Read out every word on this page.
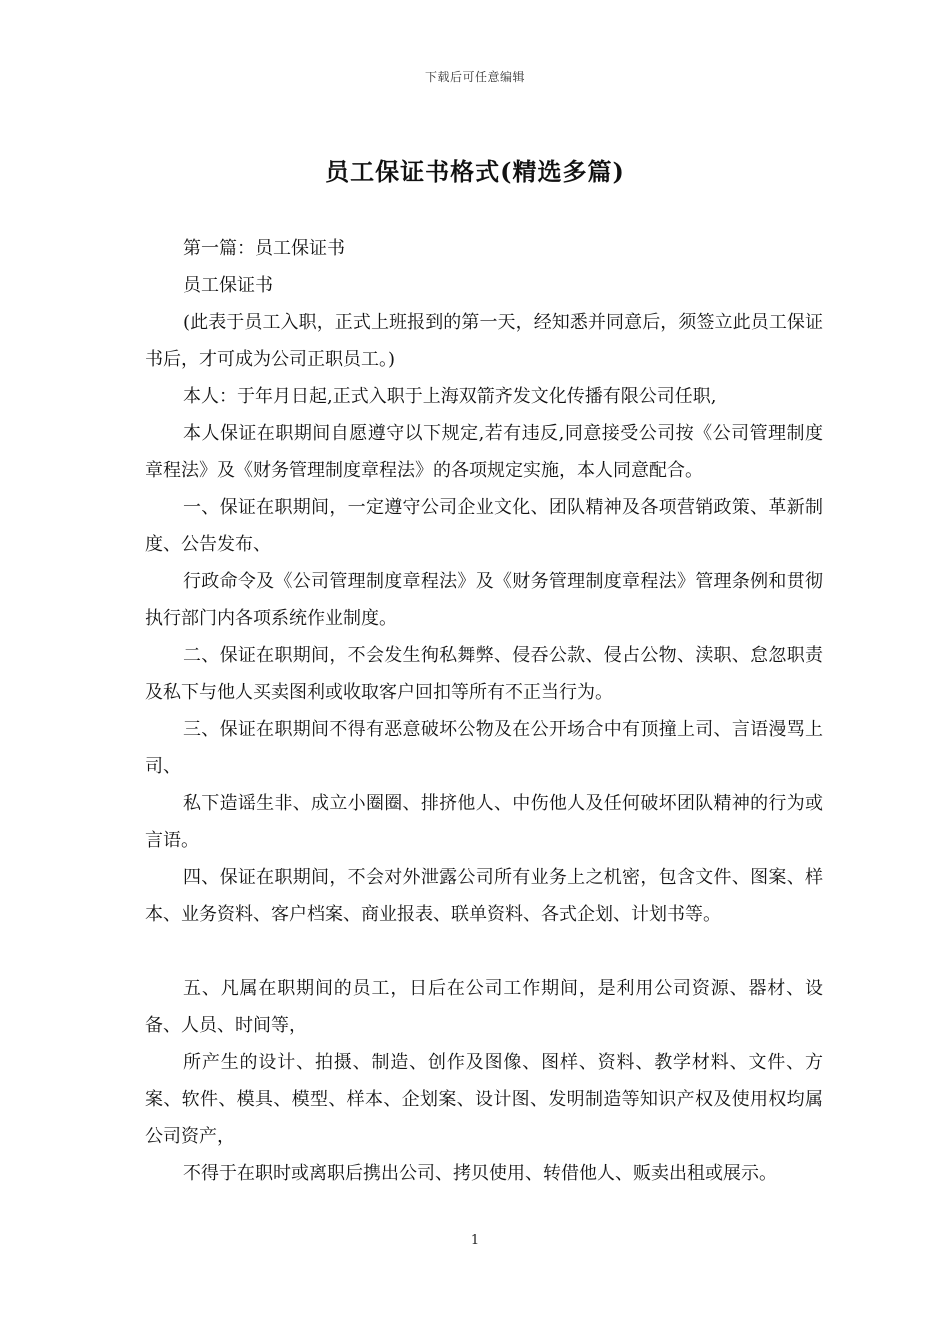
下载后可任意编辑
员工保证书格式(精选多篇)

第一篇：员工保证书

员工保证书

(此表于员工入职，正式上班报到的第一天，经知悉并同意后，须签立此员工保证书后，才可成为公司正职员工。)

本人：于年月日起,正式入职于上海双箭齐发文化传播有限公司任职,

本人保证在职期间自愿遵守以下规定,若有违反,同意接受公司按《公司管理制度章程法》及《财务管理制度章程法》的各项规定实施，本人同意配合。

一、保证在职期间，一定遵守公司企业文化、团队精神及各项营销政策、革新制度、公告发布、

行政命令及《公司管理制度章程法》及《财务管理制度章程法》管理条例和贯彻执行部门内各项系统作业制度。

二、保证在职期间，不会发生徇私舞弊、侵吞公款、侵占公物、渎职、怠忽职责及私下与他人买卖图利或收取客户回扣等所有不正当行为。

三、保证在职期间不得有恶意破坏公物及在公开场合中有顶撞上司、言语漫骂上司、

私下造谣生非、成立小圈圈、排挤他人、中伤他人及任何破坏团队精神的行为或言语。

四、保证在职期间，不会对外泄露公司所有业务上之机密，包含文件、图案、样本、业务资料、客户档案、商业报表、联单资料、各式企划、计划书等。

五、凡属在职期间的员工，日后在公司工作期间，是利用公司资源、器材、设备、人员、时间等，

所产生的设计、拍摄、制造、创作及图像、图样、资料、教学材料、文件、方案、软件、模具、模型、样本、企划案、设计图、发明制造等知识产权及使用权均属公司资产，

不得于在职时或离职后携出公司、拷贝使用、转借他人、贩卖出租或展示。

1
